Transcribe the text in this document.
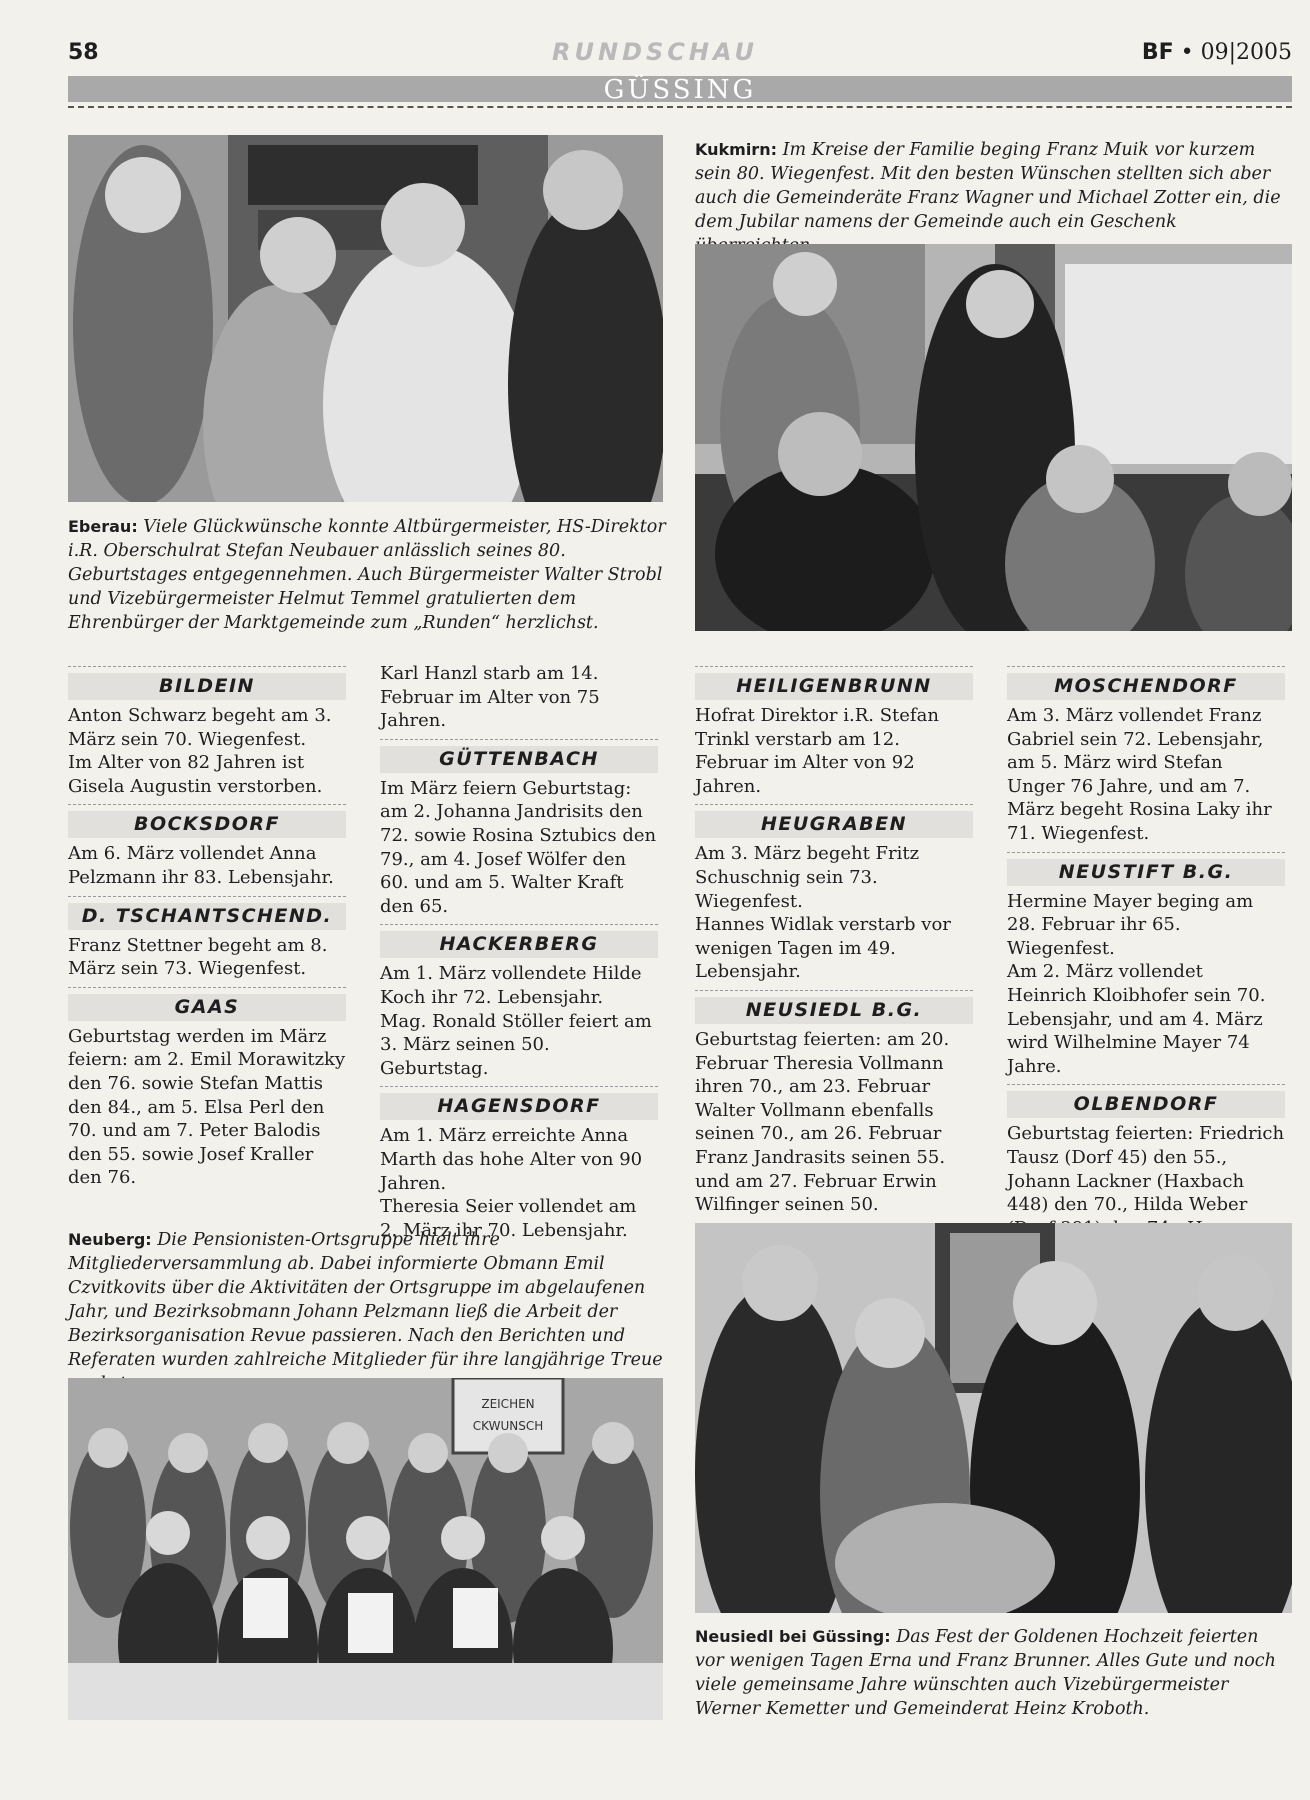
58	RUNDSCHAU	BF • 09|2005
GÜSSING
Eberau: Viele Glückwünsche konnte Altbürgermeister, HS-Direktor i.R. Oberschulrat Stefan Neubauer anlässlich seines 80. Geburtstages entgegennehmen. Auch Bürgermeister Walter Strobl und Vizebürgermeister Helmut Temmel gratulierten dem Ehrenbürger der Marktgemeinde zum „Runden“ herzlichst.
Kukmirn: Im Kreise der Familie beging Franz Muik vor kurzem sein 80. Wiegenfest. Mit den besten Wünschen stellten sich aber auch die Gemeinderäte Franz Wagner und Michael Zotter ein, die dem Jubilar namens der Gemeinde auch ein Geschenk
BILDEIN

Anton Schwarz begeht am 3. März sein 70. Wiegenfest.

Im Alter von 82 Jahren ist Gisela Augustin verstorben.

BOCKSDORF

Am 6. März vollendet Anna Pelzmann ihr 83. Lebensjahr.

D. TSCHANTSCHEND.

Franz Stettner begeht am 8. März sein 73. Wiegenfest.

GAAS

Geburtstag werden im März feiern: am 2. Emil Morawitzky den 76. sowie Stefan Mattis den 84., am 5. Elsa Perl den 70. und am 7. Peter Balodis den 55. sowie Josef Kraller den 76.

Karl Hanzl starb am 14. Februar im Alter von 75 Jahren.

GÜTTENBACH

Im März feiern Geburtstag: am 2. Johanna Jandrisits den 72. sowie Rosina Sztubics den 79., am 4. Josef Wölfer den 60. und am 5. Walter Kraft den 65.

HACKERBERG

Am 1. März vollendete Hilde Koch ihr 72. Lebensjahr.

Mag. Ronald Stöller feiert am 3. März seinen 50. Geburtstag.

HAGENSDORF

Am 1. März erreichte Anna Marth das hohe Alter von 90 Jahren.

Theresia Seier vollendet am 2. März ihr 70. Lebensjahr.

HEILIGENBRUNN

Hofrat Direktor i.R. Stefan Trinkl verstarb am 12. Februar im Alter von 92 Jahren.

HEUGRABEN

Am 3. März begeht Fritz Schuschnig sein 73. Wiegenfest.

Hannes Widlak verstarb vor wenigen Tagen im 49. Lebensjahr.

NEUSIEDL B.G.

Geburtstag feierten: am 20. Februar Theresia Vollmann ihren 70., am 23. Februar Walter Vollmann ebenfalls seinen 70., am 26. Februar Franz Jandrasits seinen 55. und am 27. Februar Erwin Wilfinger seinen 50.

MOSCHENDORF

Am 3. März vollendet Franz Gabriel sein 72. Lebensjahr, am 5. März wird Stefan Unger 76 Jahre, und am 7. März begeht Rosina Laky ihr 71. Wiegenfest.

NEUSTIFT B.G.

Hermine Mayer beging am 28. Februar ihr 65. Wiegenfest.

Am 2. März vollendet Heinrich Kloibhofer sein 70. Lebensjahr, und am 4. März wird Wilhelmine Mayer 74 Jahre.

OLBENDORF

Geburtstag feierten: Friedrich Tausz (Dorf 45) den 55., Johann Lackner (Haxbach 448) den 70., Hilda Weber

Neuberg: Die Pensionisten-Ortsgruppe hielt ihre Mitgliederversammlung ab. Dabei informierte Obmann Emil Czvitkovits über die Aktivitäten der Ortsgruppe im abgelaufenen Jahr, und Bezirksobmann Johann Pelzmann ließ die Arbeit der Bezirksorganisation Revue passieren. Nach den Berichten und Referaten wurden zahlreiche Mitglieder für ihre langjährige Treue
ZEICHEN
CKWUNSCH
Neusiedl bei Güssing: Das Fest der Goldenen Hochzeit feierten vor wenigen Tagen Erna und Franz Brunner. Alles Gute und noch viele gemeinsame Jahre wünschten auch Vizebürgermeister Werner Kemetter und Gemeinderat Heinz Kroboth.
